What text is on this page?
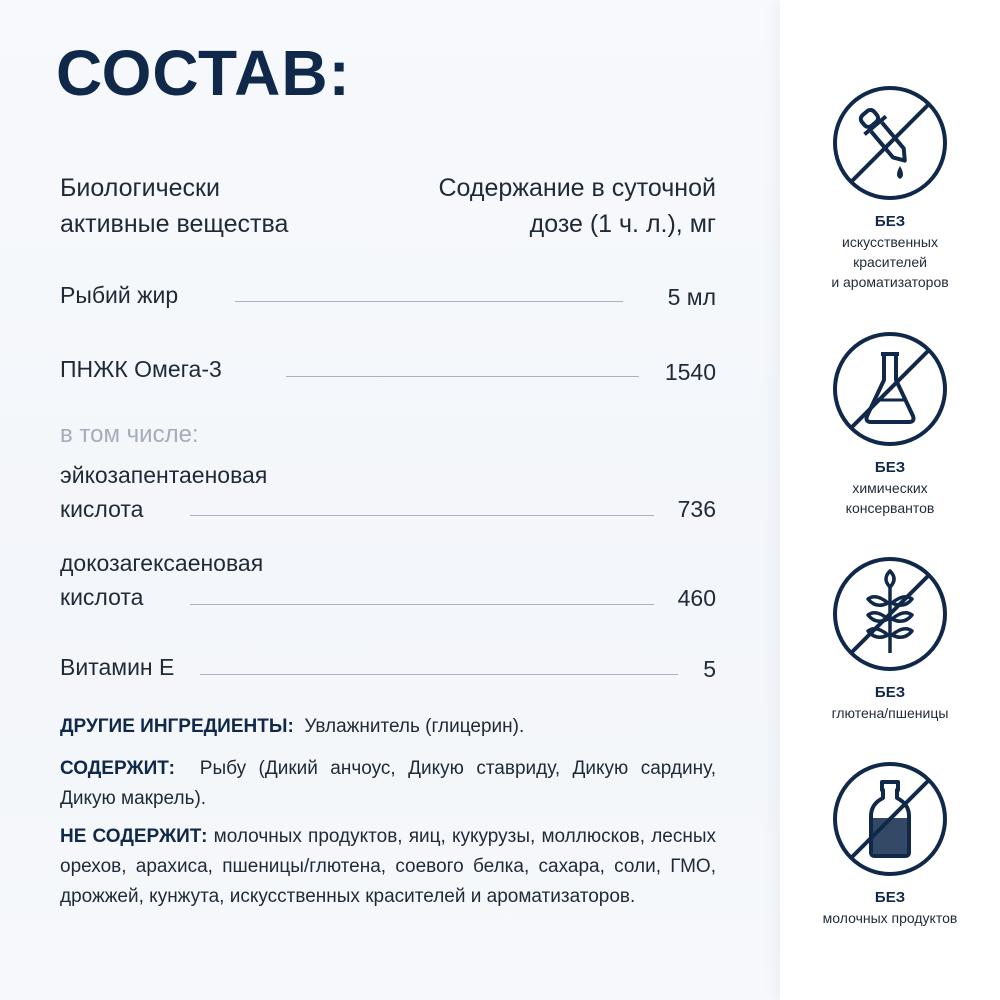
СОСТАВ:
Биологически
активные вещества
Содержание в суточной
дозе (1 ч. л.), мг
Рыбий жир	5 мл
ПНЖК Омега-3	1540
в том числе:
эйкозапентаеновая
кислота	736
докозагексаеновая
кислота	460
Витамин Е	5
ДРУГИЕ ИНГРЕДИЕНТЫ: Увлажнитель (глицерин).
СОДЕРЖИТ: Рыбу (Дикий анчоус, Дикую ставриду, Дикую сардину, Дикую макрель).
НЕ СОДЕРЖИТ: молочных продуктов, яиц, кукурузы, моллюсков, лесных орехов, арахиса, пшеницы/глютена, соевого белка, сахара, соли, ГМО, дрожжей, кунжута, искусственных красителей и ароматизаторов.
БЕЗ
искусственных
красителей
и ароматизаторов
БЕЗ
химических
консервантов
БЕЗ
глютена/пшеницы
БЕЗ
молочных продуктов
